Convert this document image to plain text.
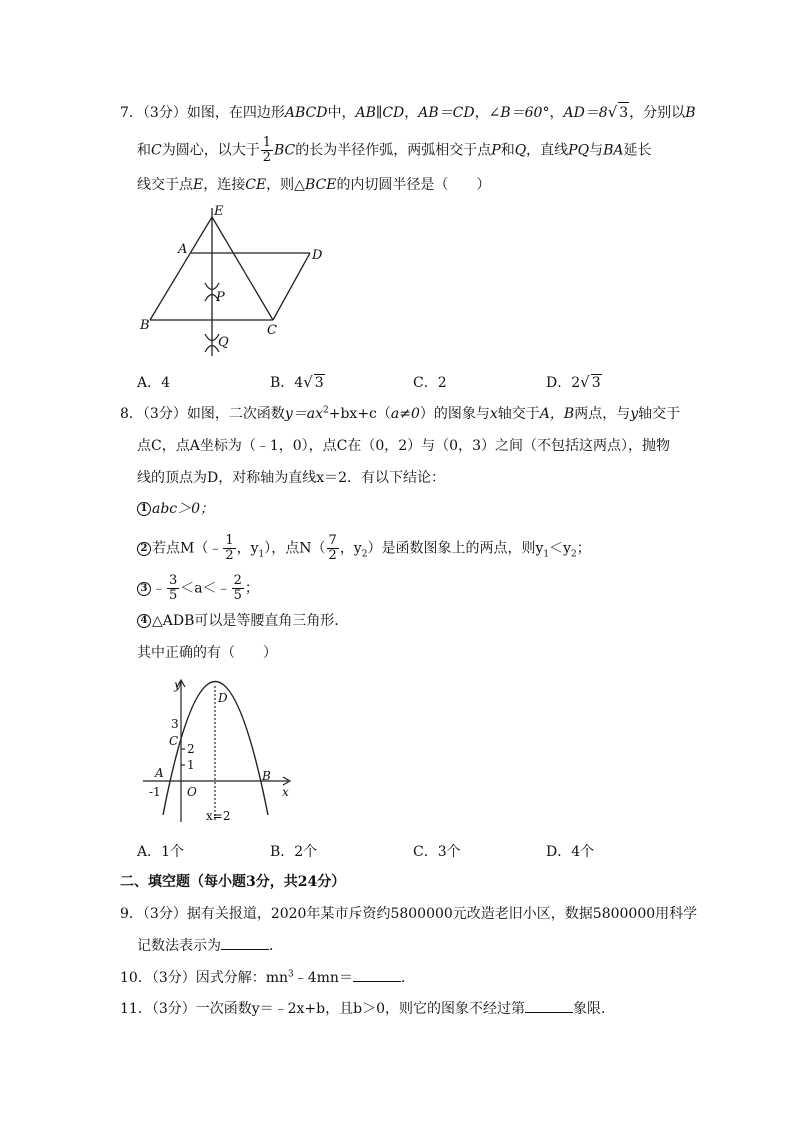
7．（3分）如图，在四边形ABCD中，AB∥CD，AB＝CD，∠B＝60°，AD＝8√ 3，分别以B
和C为圆心，以大于 $\frac{1}{2}$ BC的长为半径作弧，两弧相交于点P和Q，直线PQ与BA延长
线交于点E，连接CE，则△BCE的内切圆半径是（　　）
E
A	D
P
B	C
Q
A．4	B．4√ 3	C．2	D．2√ 3
8．（3分）如图，二次函数$y=ax^2+bx+c(a\ne 0)$的图象与x轴交于A，B两点，与y轴交于
点C，点A坐标为（﹣1，0），点C在（0，2）与（0，3）之间（不包括这两点），抛物
线的顶点为D，对称轴为直线x＝2．有以下结论：
1 abc＞0；
2 若点M（﹣ $\frac{1}{2}$ ，$y_1$），点$N( \frac{7}{2}$ ，$y_2$）是函数图象上的两点，则$y_1<y_2$；
3 ﹣ $\frac{3}{5}$ ＜a＜﹣ $\frac{2}{5}$ ；
4 △ADB可以是等腰直角三角形．
其中正确的有（　　）
y
D
3
C
2
1
A
-1 O
B
x
x=2
A．1个	B．2个	C．3个	D．4个
二、填空题（每小题3分，共24分）
9．（3分）据有关报道，2020年某市斥资约5800000元改造老旧小区，数据5800000用科学
记数法表示为	．
10．（3分）因式分解：$mn^3﹣4mn=$	．
11．（3分）一次函数y＝﹣2x+b，且b＞0，则它的图象不经过第	象限．
